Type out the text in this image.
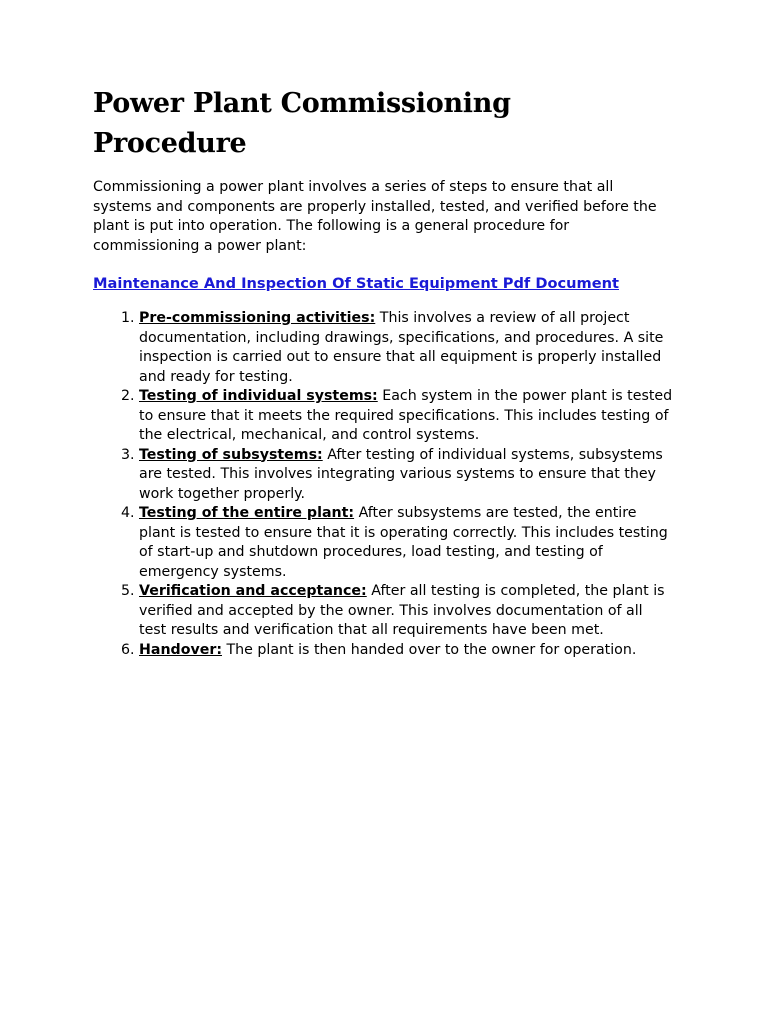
Power Plant Commissioning Procedure

Commissioning a power plant involves a series of steps to ensure that all systems and components are properly installed, tested, and verified before the plant is put into operation. The following is a general procedure for commissioning a power plant:

Maintenance And Inspection Of Static Equipment Pdf Document
1. Pre-commissioning activities: This involves a review of all project documentation, including drawings, specifications, and procedures. A site inspection is carried out to ensure that all equipment is properly installed and ready for testing.
2. Testing of individual systems: Each system in the power plant is tested to ensure that it meets the required specifications. This includes testing of the electrical, mechanical, and control systems.
3. Testing of subsystems: After testing of individual systems, subsystems are tested. This involves integrating various systems to ensure that they work together properly.
4. Testing of the entire plant: After subsystems are tested, the entire plant is tested to ensure that it is operating correctly. This includes testing of start-up and shutdown procedures, load testing, and testing of emergency systems.
5. Verification and acceptance: After all testing is completed, the plant is verified and accepted by the owner. This involves documentation of all test results and verification that all requirements have been met.
6. Handover: The plant is then handed over to the owner for operation.
